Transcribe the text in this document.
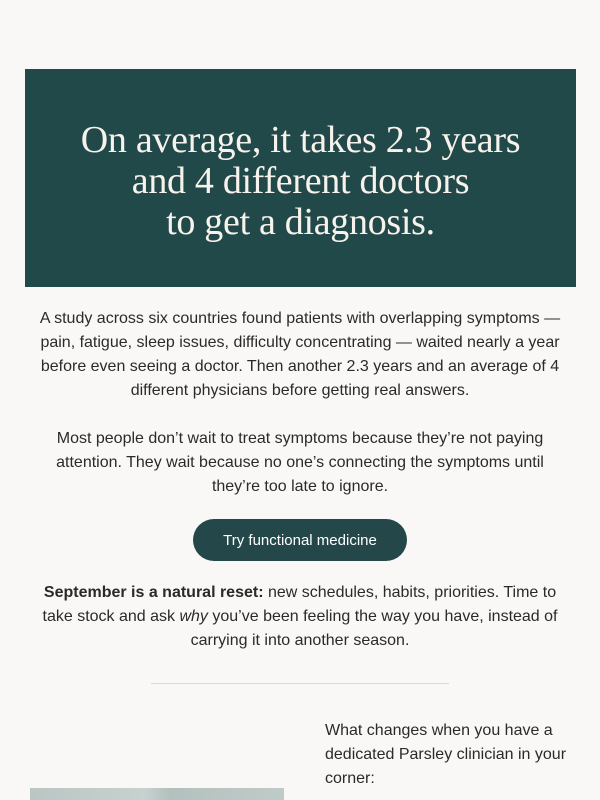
On average, it takes 2.3 years
and 4 different doctors
to get a diagnosis.

A study across six countries found patients with overlapping symptoms — pain, fatigue, sleep issues, difficulty concentrating — waited nearly a year before even seeing a doctor. Then another 2.3 years and an average of 4 different physicians before getting real answers.

Most people don’t wait to treat symptoms because they’re not paying attention. They wait because no one’s connecting the symptoms until they’re too late to ignore.

Try functional medicine

September is a natural reset: new schedules, habits, priorities. Time to take stock and ask why you’ve been feeling the way you have, instead of carrying it into another season.

What changes when you have a dedicated Parsley clinician in your corner:
